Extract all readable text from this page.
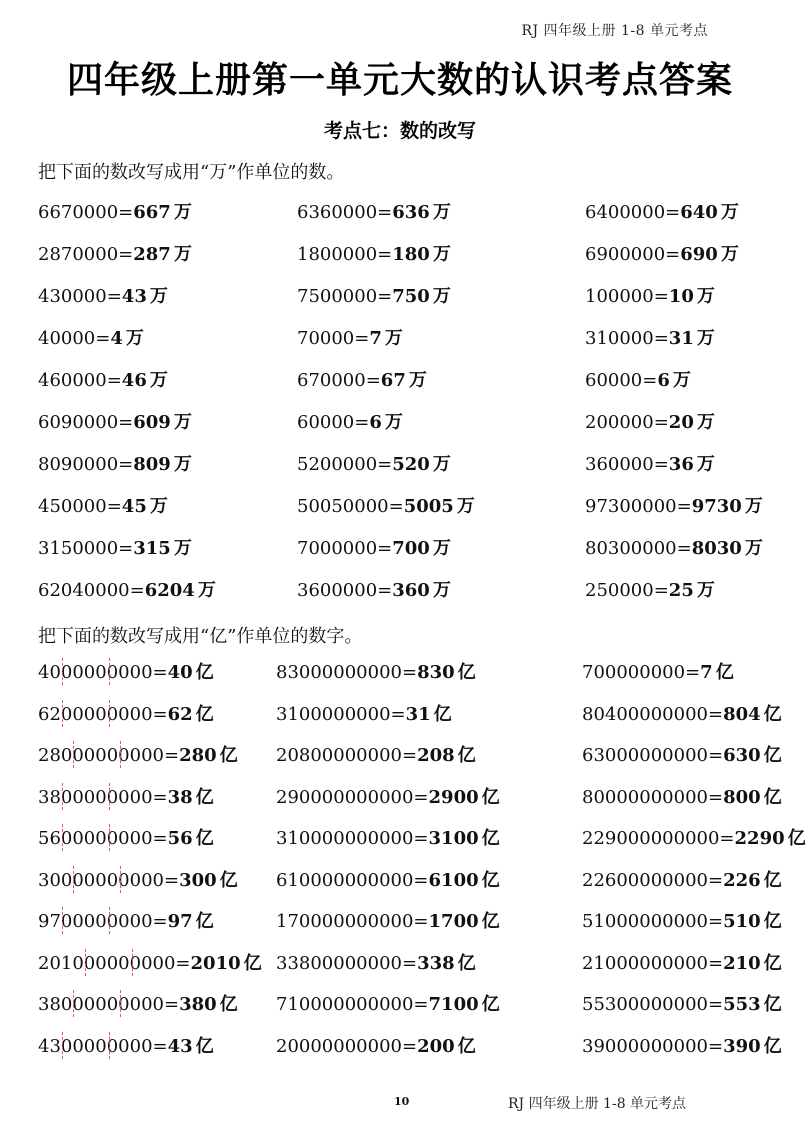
RJ 四年级上册 1-8 单元考点
四年级上册第一单元大数的认识考点答案
考点七：数的改写
把下面的数改写成用“万”作单位的数。
6670000=667 万	6360000=636 万	6400000=640 万
2870000=287 万	1800000=180 万	6900000=690 万
430000=43 万	7500000=750 万	100000=10 万
40000=4 万	70000=7 万	310000=31 万
460000=46 万	670000=67 万	60000=6 万
6090000=609 万	60000=6 万	200000=20 万
8090000=809 万	5200000=520 万	360000=36 万
450000=45 万	50050000=5005 万	97300000=9730 万
3150000=315 万	7000000=700 万	80300000=8030 万
62040000=6204 万	3600000=360 万	250000=25 万
把下面的数改写成用“亿”作单位的数字。
4000000000=40 亿	83000000000=830 亿	700000000=7 亿
6200000000=62 亿	3100000000=31 亿	80400000000=804 亿
28000000000=280 亿 20800000000=208 亿	63000000000=630 亿
3800000000=38 亿	290000000000=2900 亿	80000000000=800 亿
5600000000=56 亿	310000000000=3100 亿	229000000000=2290 亿
30000000000=300 亿 610000000000=6100 亿	22600000000=226 亿
9700000000=97 亿	170000000000=1700 亿	51000000000=510 亿
201000000000=2010 亿 33800000000=338 亿	21000000000=210 亿
38000000000=380 亿 710000000000=7100 亿	55300000000=553 亿
4300000000=43 亿	20000000000=200 亿	39000000000=390 亿
10	RJ 四年级上册 1-8 单元考点
